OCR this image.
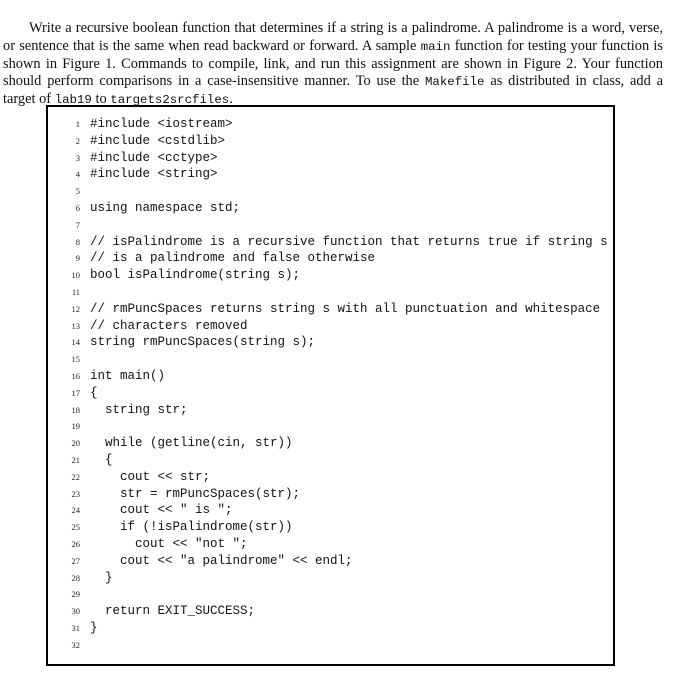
Write a recursive boolean function that determines if a string is a palindrome. A palindrome is a word, verse, or sentence that is the same when read backward or forward. A sample main function for testing your function is shown in Figure 1. Commands to compile, link, and run this assignment are shown in Figure 2. Your function should perform comparisons in a case-insensitive manner. To use the Makefile as distributed in class, add a target of lab19 to targets2srcfiles.

1 #include <iostream>
2 #include <cstdlib>
3 #include <cctype>
4 #include <string>
5
6 using namespace std;
7
8 // isPalindrome is a recursive function that returns true if string s
9 // is a palindrome and false otherwise
10 bool isPalindrome(string s);
11
12 // rmPuncSpaces returns string s with all punctuation and whitespace
13 // characters removed
14 string rmPuncSpaces(string s);
15
16 int main()
17 {
18 string str;
19
20 while (getline(cin, str))
21 {
22 cout << str;
23 str = rmPuncSpaces(str);
24 cout << " is ";
25 if (!isPalindrome(str))
26 cout << "not ";
27 cout << "a palindrome" << endl;
28 }
29
30 return EXIT_SUCCESS;
31 }
32
